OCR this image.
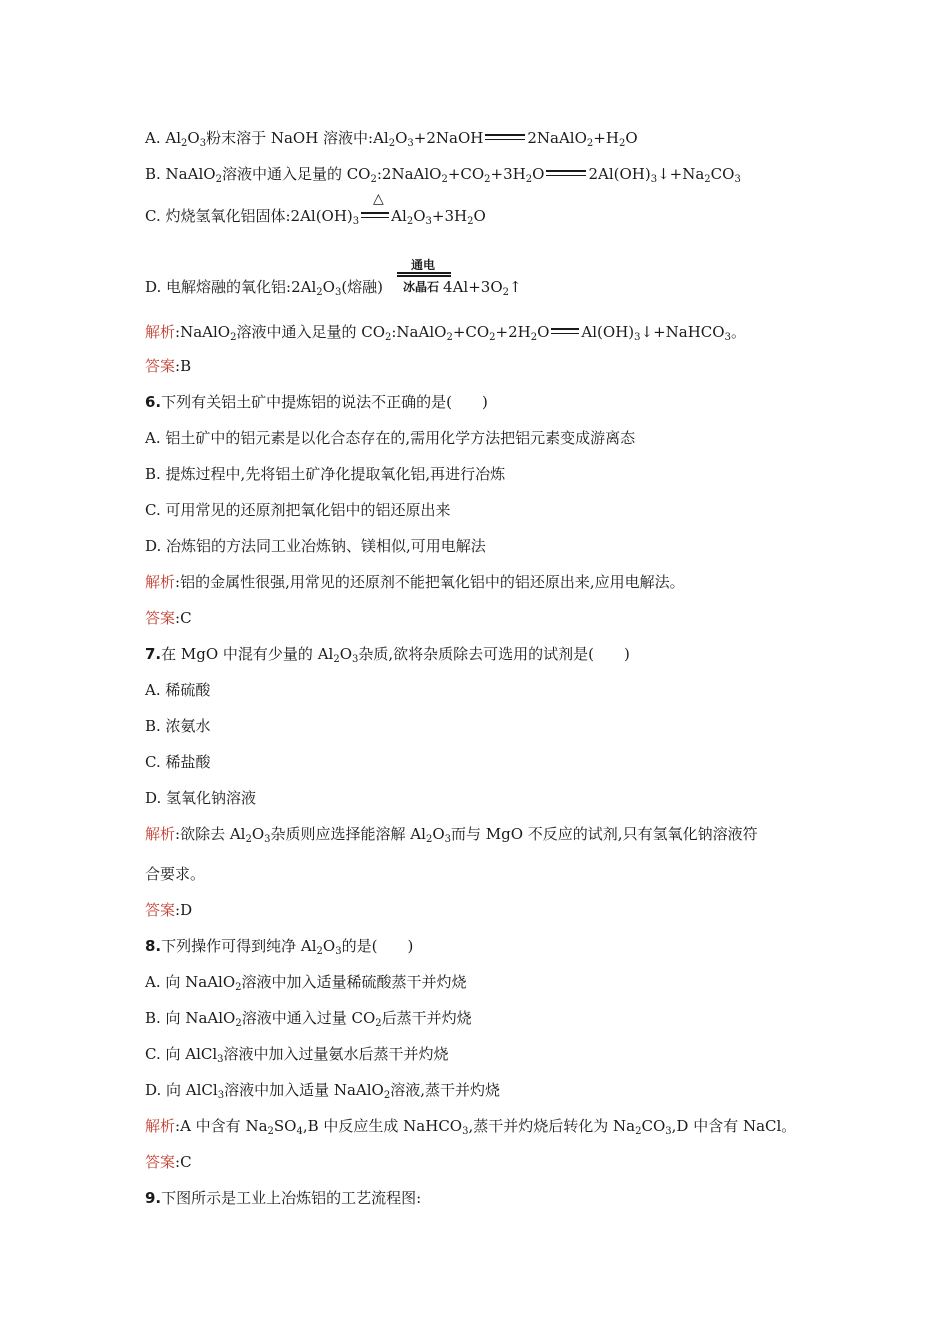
A. $Al_2O_3$粉末溶于 NaOH 溶液中$:Al_2O_3+2NaOH$	$2NaAlO_2+H_2O$
B. NaAlO$_2$溶液中通入足量的 $CO_2:2NaAlO_2+CO_2+3H_2O$	$2Al(OH)_3↓+Na_2CO_3$
△
C. 灼烧氢氧化铝固体$:2Al(OH)_3$ $Al_2O_3+3H_2O$
通电
冰晶石
D. 电解熔融的氧化铝$:2Al_2O_3$(熔融)	$4Al+3O_2↑$
解析:NaAlO$_2$溶液中通入足量的 $CO_2:NaAlO_2+CO_2+2H_2O$ $Al(OH)_3↓+NaHCO_3$。
答案:B
6.下列有关铝土矿中提炼铝的说法不正确的是(　　)
A. 铝土矿中的铝元素是以化合态存在的,需用化学方法把铝元素变成游离态
B. 提炼过程中,先将铝土矿净化提取氧化铝,再进行冶炼
C. 可用常见的还原剂把氧化铝中的铝还原出来
D. 冶炼铝的方法同工业冶炼钠、镁相似,可用电解法
解析:铝的金属性很强,用常见的还原剂不能把氧化铝中的铝还原出来,应用电解法。
答案:C
7.在 MgO 中混有少量的 $Al_2O_3$杂质,欲将杂质除去可选用的试剂是(　　)
A. 稀硫酸
B. 浓氨水
C. 稀盐酸
D. 氢氧化钠溶液
解析:欲除去 $Al_2O_3$杂质则应选择能溶解 $Al_2O_3$而与 MgO 不反应的试剂,只有氢氧化钠溶液符
合要求。
答案:D
8.下列操作可得到纯净 $Al_2O_3$的是(　　)
A. 向 NaAlO$_2$溶液中加入适量稀硫酸蒸干并灼烧
B. 向 NaAlO$_2$溶液中通入过量 $CO_2$后蒸干并灼烧
C. 向 AlCl$_3$溶液中加入过量氨水后蒸干并灼烧
D. 向 AlCl$_3$溶液中加入适量 NaAlO$_2$溶液,蒸干并灼烧
解析:A 中含有 $Na_2SO_4,B$ 中反应生成 NaHCO$_3$,蒸干并灼烧后转化为 $Na_2CO_3,D$ 中含有 NaCl。
答案:C
9.下图所示是工业上冶炼铝的工艺流程图:
